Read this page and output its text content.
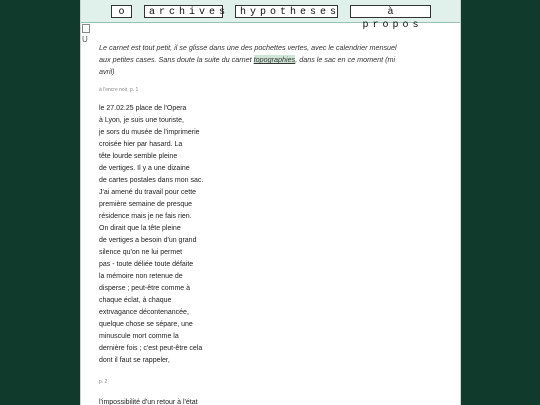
o	archives	hypotheses	à propos
U

Le carnet est tout petit, il se glisse dans une des pochettes vertes, avec le calendrier mensuel aux petites cases. Sans doute la suite du carnet topographies, dans le sac en ce moment (mi avril)

à l'encre noir, p. 1
le 27.02.25 place de l'Opera
à Lyon, je suis une touriste,
je sors du musée de l'imprimerie
croisée hier par hasard. La
tête lourde semble pleine
de vertiges. Il y a une dizaine
de cartes postales dans mon sac.
J'ai amené du travail pour cette
première semaine de presque
résidence mais je ne fais rien.
On dirait que la tête pleine
de vertiges a besoin d'un grand
silence qu'on ne lui permet
pas - toute déliée toute défaite
la mémoire non retenue de
disperse ; peut-être comme à
chaque éclat, à chaque
extrvagance décontenancée,
quelque chose se sépare, une
minuscule mort comme la
dernière fois ; c'est peut-être cela
dont il faut se rappeler,
p. 2
l'impossibilité d'un retour à l'état
